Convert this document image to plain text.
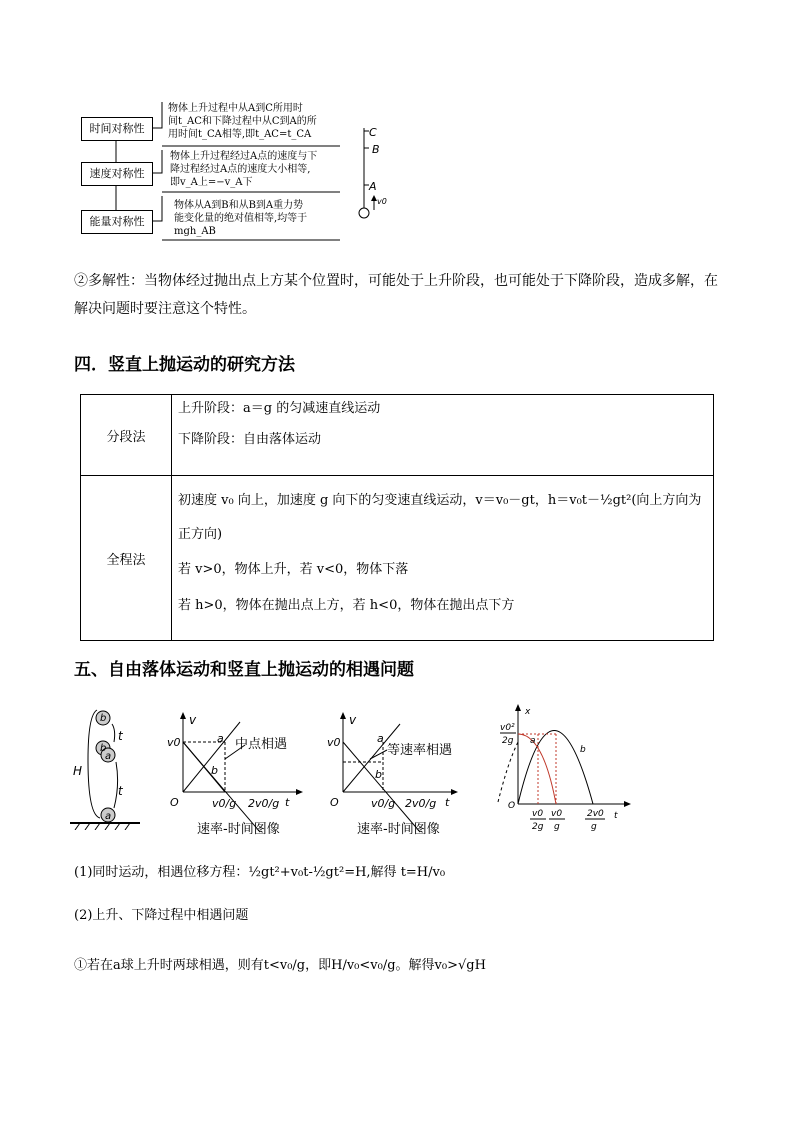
时间对称性
速度对称性
能量对称性
C
B
A
v0
物体上升过程中从A到C所用时
间t_AC和下降过程中从C到A的所
用时间t_CA相等,即t_AC=t_CA
物体上升过程经过A点的速度与下
降过程经过A点的速度大小相等,
即v_A上=−v_A下
物体从A到B和从B到A重力势
能变化量的绝对值相等,均等于
mgh_AB
②多解性：当物体经过抛出点上方某个位置时，可能处于上升阶段，也可能处于下降阶段，造成多解，在解决问题时要注意这个特性。
四．竖直上抛运动的研究方法
分段法	上升阶段：a＝g 的匀减速直线运动
下降阶段：自由落体运动

全程法	初速度 v₀ 向上，加速度 g 向下的匀变速直线运动，v＝v₀－gt，h＝v₀t－½gt²(向上方向为正方向)
若 v>0，物体上升，若 v<0，物体下落
若 h>0，物体在抛出点上方，若 h<0，物体在抛出点下方
五、自由落体运动和竖直上抛运动的相遇问题
b
b
a
a
t
t
H
v
v0
O	t
a
b
中点相遇
v0/g 2v0/g
速率-时间图像
v
v0
O	t
a
b
等速率相遇
v0/g 2v0/g
速率-时间图像
x
t
O
a
b
v0²
2g
v0
2g
v0
g
2v0
g
(1)同时运动，相遇位移方程：½gt²+v₀t-½gt²=H,解得 t=H/v₀
(2)上升、下降过程中相遇问题
①若在a球上升时两球相遇，则有t<v₀/g，即H/v₀<v₀/g。解得v₀>√gH
